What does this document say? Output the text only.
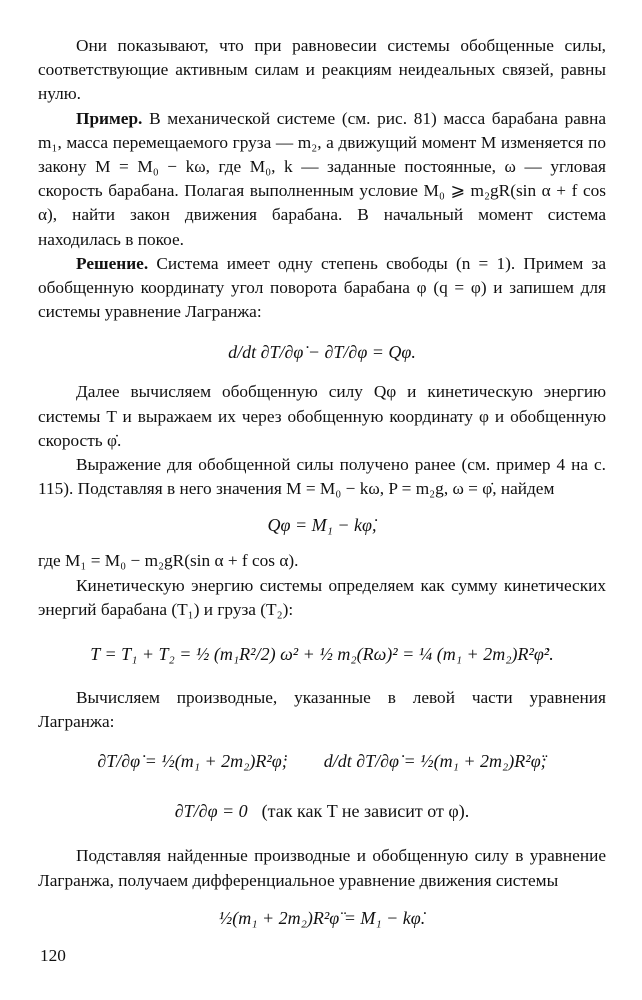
Они показывают, что при равновесии системы обобщенные силы, соответствующие активным силам и реакциям неидеальных связей, равны нулю.

Пример. В механической системе (см. рис. 81) масса барабана равна m₁, масса перемещаемого груза — m₂, а движущий момент M изменяется по закону M = M₀ − kω, где M₀, k — заданные постоянные, ω — угловая скорость барабана. Полагая выполненным условие M₀ ⩾ m₂gR(sin α + f cos α), найти закон движения барабана. В начальный момент система находилась в покое.

Решение. Система имеет одну степень свободы (n = 1). Примем за обобщенную координату угол поворота барабана φ (q = φ) и запишем для системы уравнение Лагранжа:

d/dt ∂T/∂φ̇ − ∂T/∂φ = Qφ.

Далее вычисляем обобщенную силу Qφ и кинетическую энергию системы T и выражаем их через обобщенную координату φ и обобщенную скорость φ̇.

Выражение для обобщенной силы получено ранее (см. пример 4 на с. 115). Подставляя в него значения M = M₀ − kω, P = m₂g, ω = φ̇, найдем

Qφ = M₁ − kφ̇,

где M₁ = M₀ − m₂gR(sin α + f cos α).

Кинетическую энергию системы определяем как сумму кинетических энергий барабана (T₁) и груза (T₂):

T = T₁ + T₂ = ½ (m₁R²/2) ω² + ½ m₂(Rω)² = ¼ (m₁ + 2m₂)R²φ̇².

Вычисляем производные, указанные в левой части уравнения Лагранжа:

∂T/∂φ̇ = ½(m₁ + 2m₂)R²φ̇; d/dt ∂T/∂φ̇ = ½(m₁ + 2m₂)R²φ̈;
∂T/∂φ = 0 (так как T не зависит от φ).

Подставляя найденные производные и обобщенную силу в уравнение Лагранжа, получаем дифференциальное уравнение движения системы

½(m₁ + 2m₂)R²φ̈ = M₁ − kφ̇.
120
